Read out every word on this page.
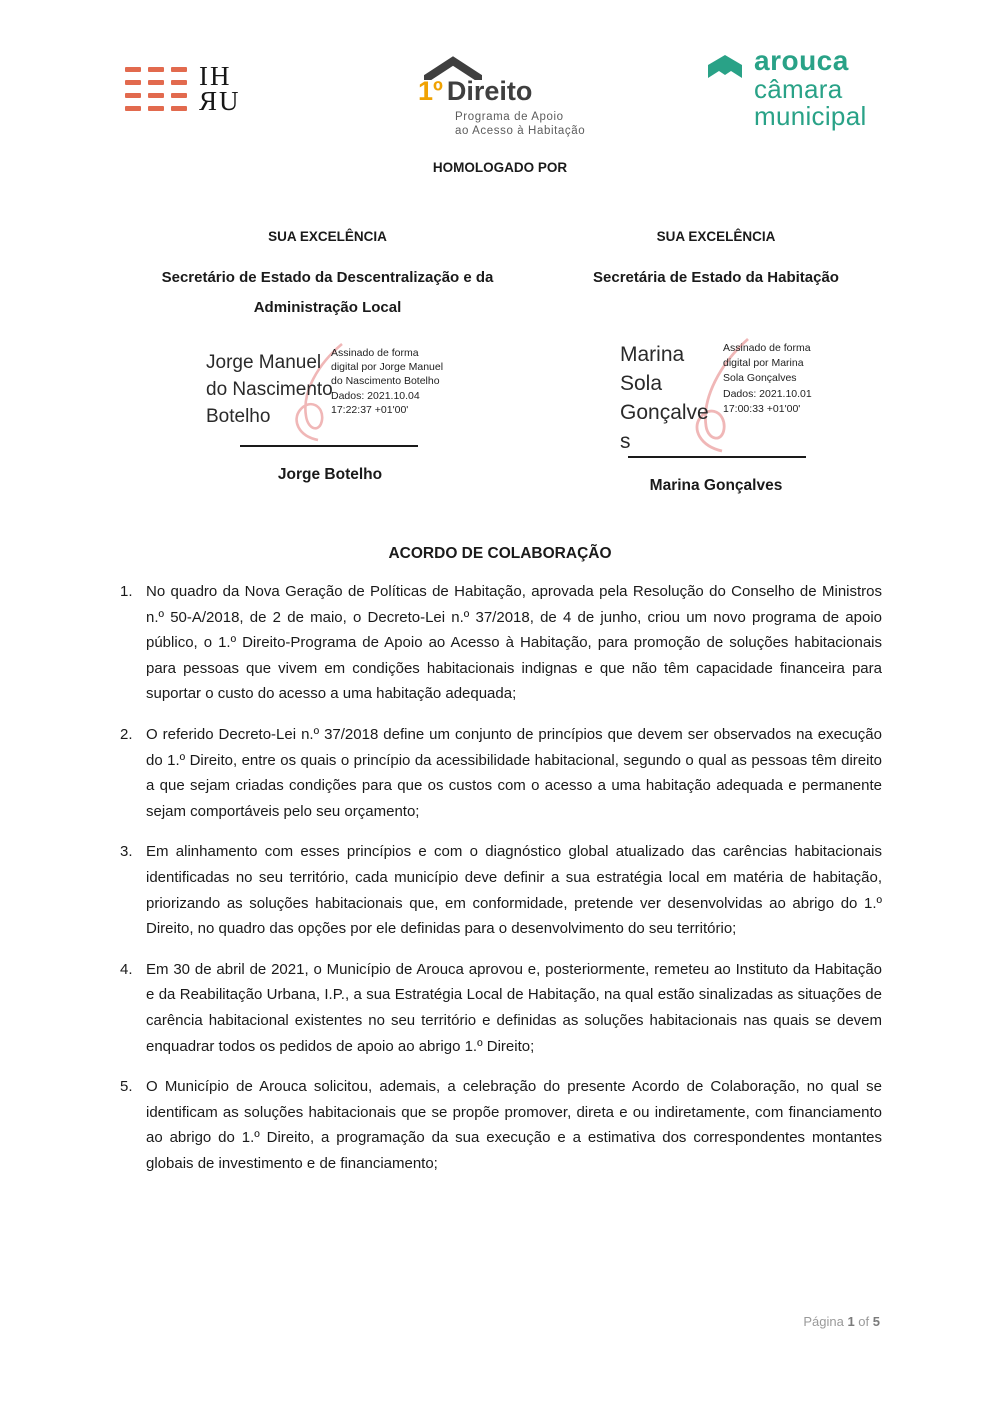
IH
ЯU	1º Direito
Programa de Apoio
ao Acesso à Habitação
arouca
câmara
municipal
HOMOLOGADO POR
SUA EXCELÊNCIA
Secretário de Estado da Descentralização e da Administração Local
SUA EXCELÊNCIA
Secretária de Estado da Habitação
Jorge Manuel do Nascimento Botelho
Assinado de forma digital por Jorge Manuel do Nascimento Botelho Dados: 2021.10.04 17:22:37 +01'00'
Jorge Botelho
Marina Sola Gonçalves
Assinado de forma digital por Marina Sola Gonçalves Dados: 2021.10.01 17:00:33 +01'00'
Marina Gonçalves
ACORDO DE COLABORAÇÃO
1. No quadro da Nova Geração de Políticas de Habitação, aprovada pela Resolução do Conselho de Ministros n.º 50-A/2018, de 2 de maio, o Decreto-Lei n.º 37/2018, de 4 de junho, criou um novo programa de apoio público, o 1.º Direito-Programa de Apoio ao Acesso à Habitação, para promoção de soluções habitacionais para pessoas que vivem em condições habitacionais indignas e que não têm capacidade financeira para suportar o custo do acesso a uma habitação adequada;
2. O referido Decreto-Lei n.º 37/2018 define um conjunto de princípios que devem ser observados na execução do 1.º Direito, entre os quais o princípio da acessibilidade habitacional, segundo o qual as pessoas têm direito a que sejam criadas condições para que os custos com o acesso a uma habitação adequada e permanente sejam comportáveis pelo seu orçamento;
3. Em alinhamento com esses princípios e com o diagnóstico global atualizado das carências habitacionais identificadas no seu território, cada município deve definir a sua estratégia local em matéria de habitação, priorizando as soluções habitacionais que, em conformidade, pretende ver desenvolvidas ao abrigo do 1.º Direito, no quadro das opções por ele definidas para o desenvolvimento do seu território;
4. Em 30 de abril de 2021, o Município de Arouca aprovou e, posteriormente, remeteu ao Instituto da Habitação e da Reabilitação Urbana, I.P., a sua Estratégia Local de Habitação, na qual estão sinalizadas as situações de carência habitacional existentes no seu território e definidas as soluções habitacionais nas quais se devem enquadrar todos os pedidos de apoio ao abrigo 1.º Direito;
5. O Município de Arouca solicitou, ademais, a celebração do presente Acordo de Colaboração, no qual se identificam as soluções habitacionais que se propõe promover, direta e ou indiretamente, com financiamento ao abrigo do 1.º Direito, a programação da sua execução e a estimativa dos correspondentes montantes globais de investimento e de financiamento;
Página 1 of 5
